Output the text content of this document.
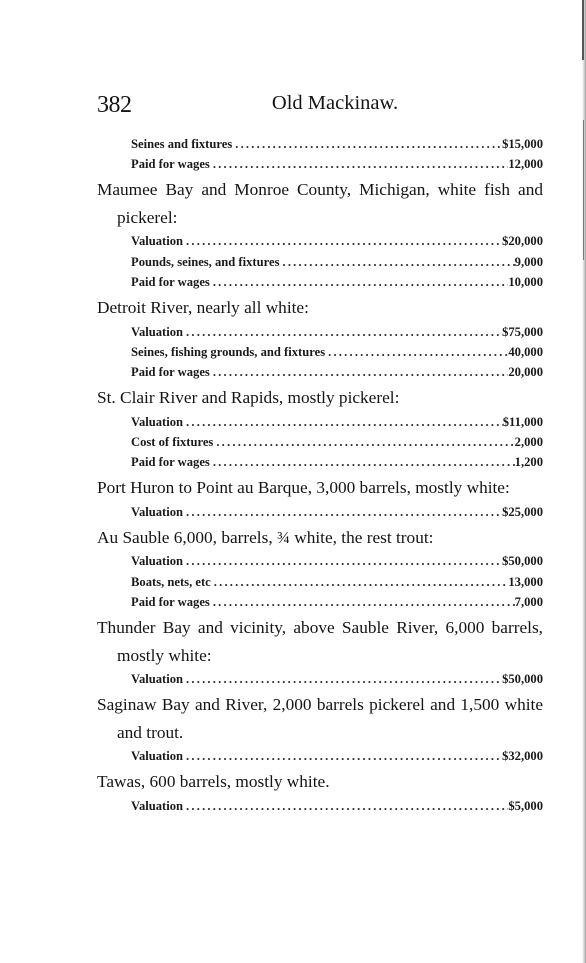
382	Old Mackinaw.
Seines and fixtures .....	$15,000
Paid for wages .....	12,000
Maumee Bay and Monroe County, Michigan, white fish and pickerel:
Valuation .....	$20,000
Pounds, seines, and fixtures .....	9,000
Paid for wages .....	10,000
Detroit River, nearly all white:
Valuation .....	$75,000
Seines, fishing grounds, and fixtures .....	40,000
Paid for wages .....	20,000
St. Clair River and Rapids, mostly pickerel:
Valuation .....	$11,000
Cost of fixtures .....	2,000
Paid for wages .....	1,200
Port Huron to Point au Barque, 3,000 barrels, mostly white:
Valuation .....	$25,000
Au Sauble 6,000, barrels, ¾ white, the rest trout:
Valuation .....	$50,000
Boats, nets, etc .....	13,000
Paid for wages .....	7,000
Thunder Bay and vicinity, above Sauble River, 6,000 barrels, mostly white:
Valuation .....	$50,000
Saginaw Bay and River, 2,000 barrels pickerel and 1,500 white and trout.
Valuation .....	$32,000
Tawas, 600 barrels, mostly white.
Valuation .....	$5,000
